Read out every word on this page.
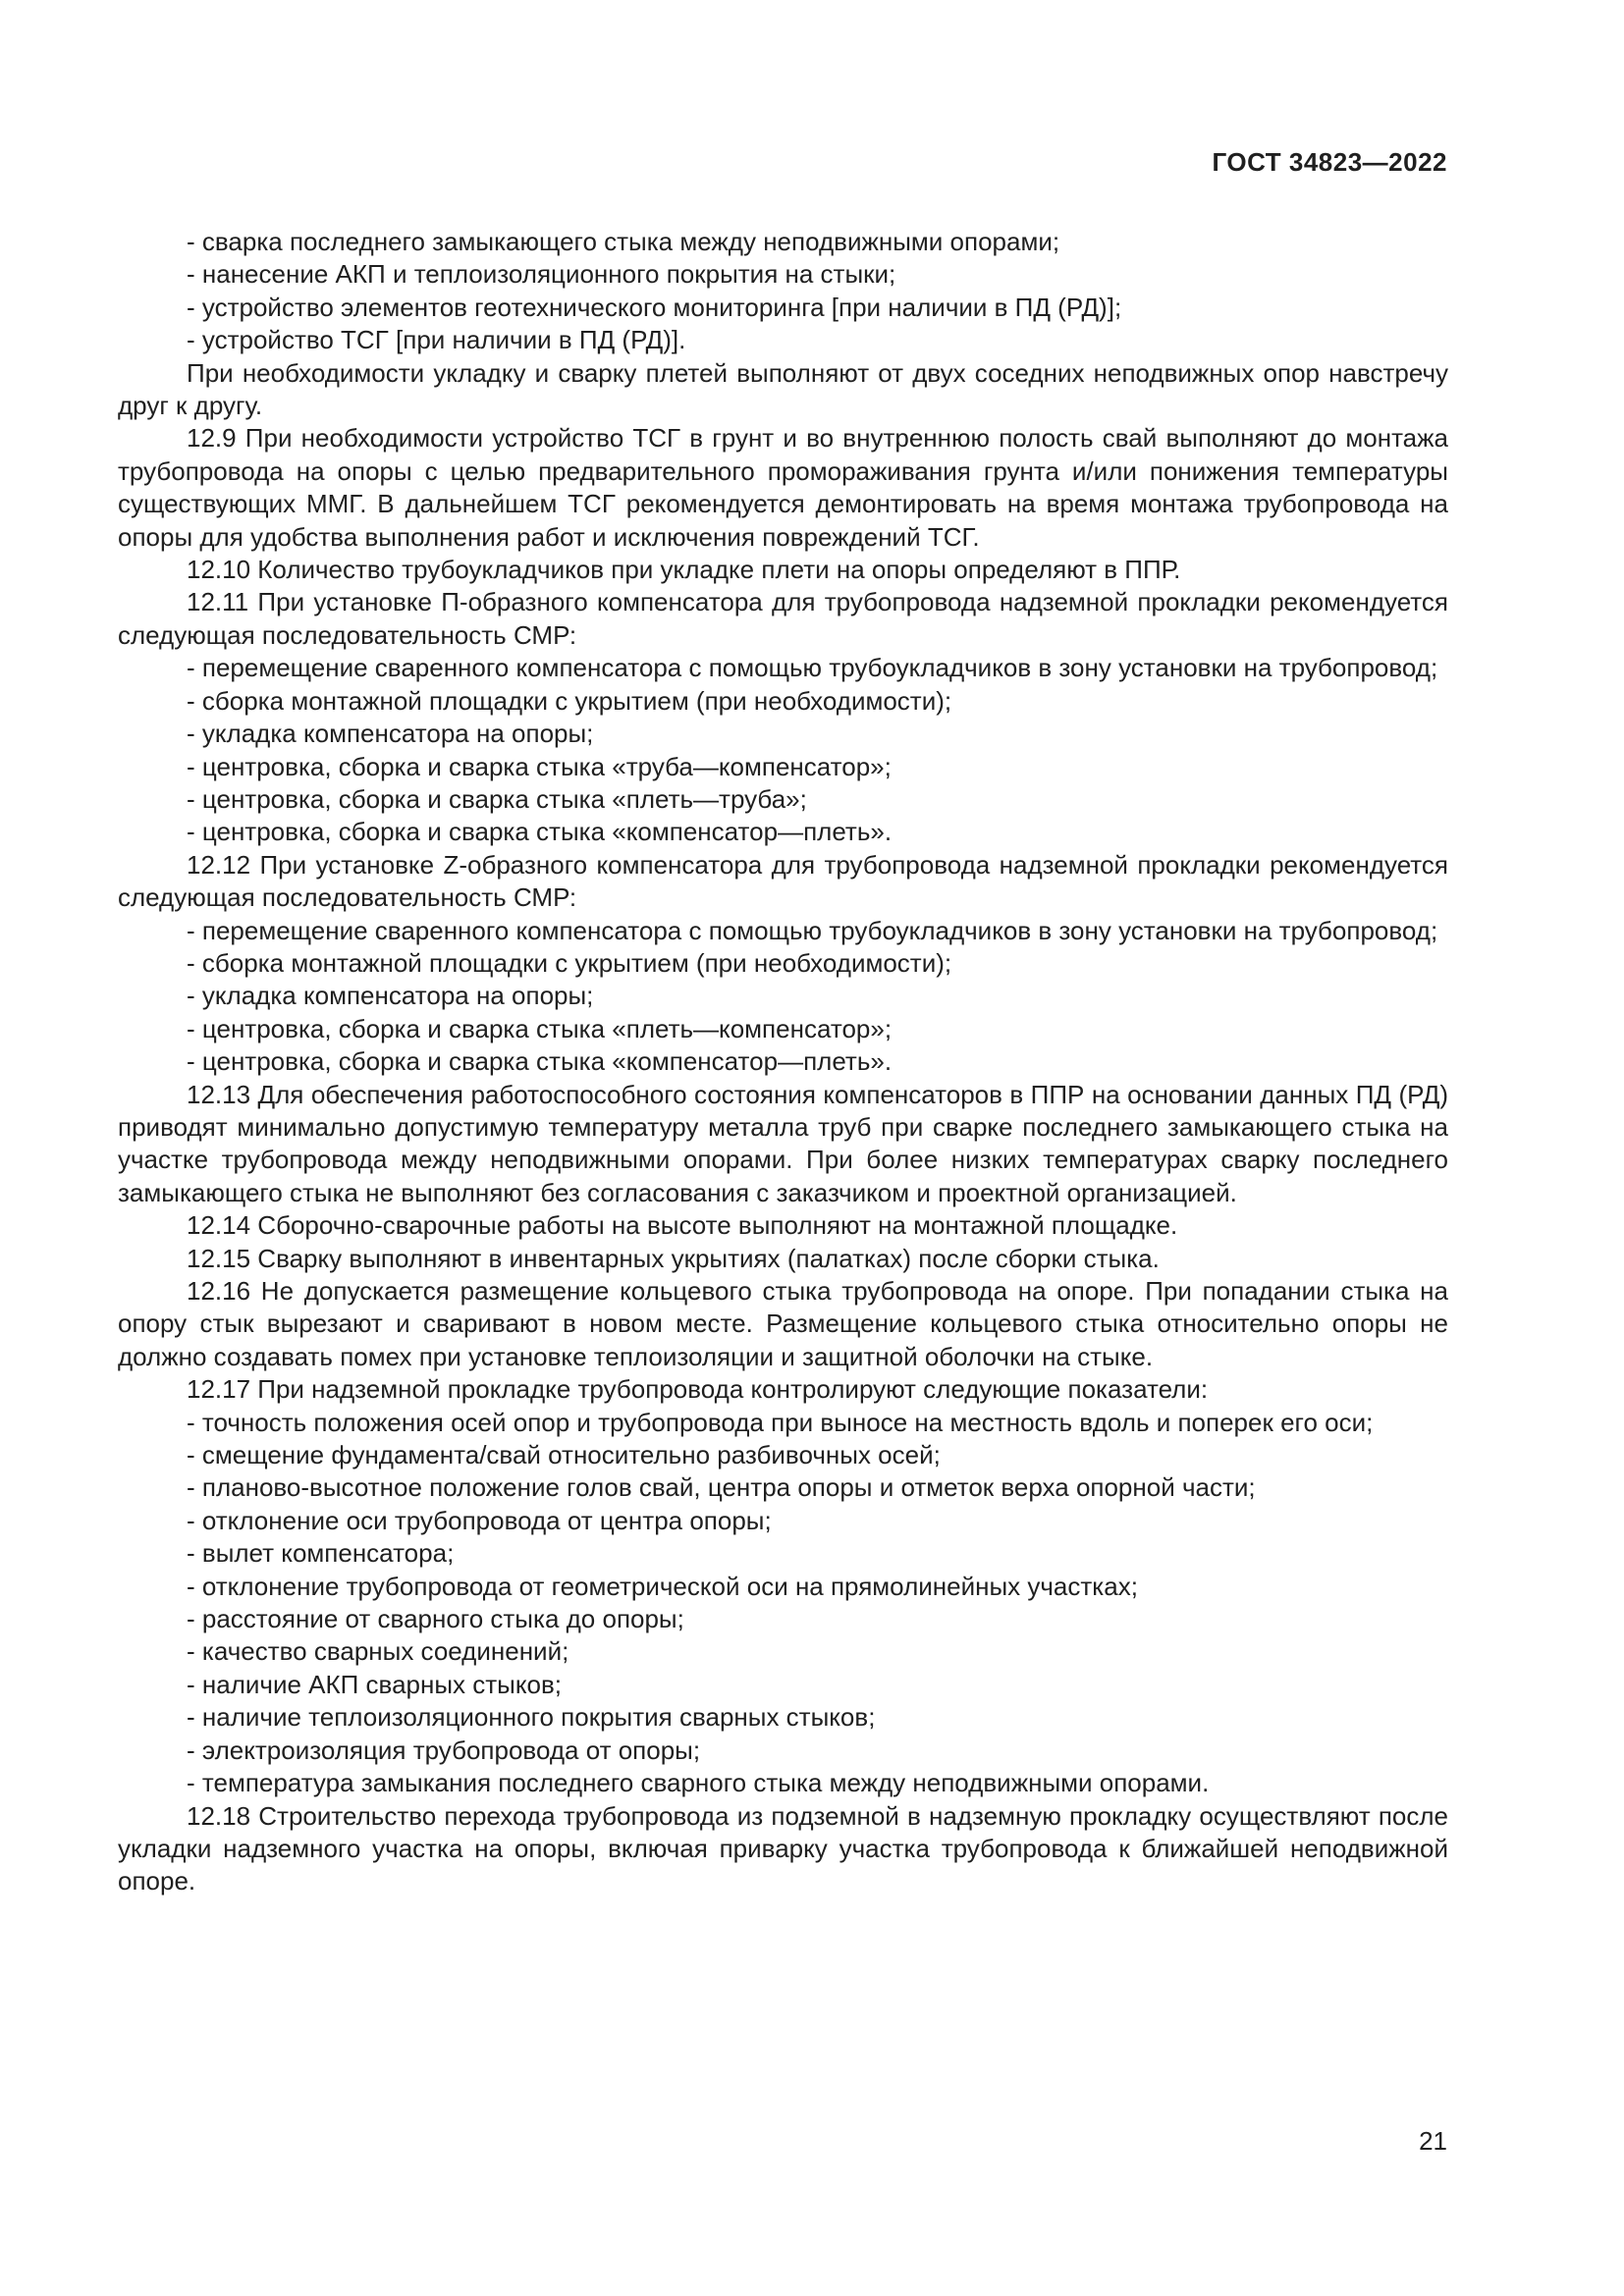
ГОСТ 34823—2022

- сварка последнего замыкающего стыка между неподвижными опорами;

- нанесение АКП и теплоизоляционного покрытия на стыки;

- устройство элементов геотехнического мониторинга [при наличии в ПД (РД)];

- устройство ТСГ [при наличии в ПД (РД)].

При необходимости укладку и сварку плетей выполняют от двух соседних неподвижных опор навстречу друг к другу.

12.9 При необходимости устройство ТСГ в грунт и во внутреннюю полость свай выполняют до монтажа трубопровода на опоры с целью предварительного промораживания грунта и/или понижения температуры существующих ММГ. В дальнейшем ТСГ рекомендуется демонтировать на время монтажа трубопровода на опоры для удобства выполнения работ и исключения повреждений ТСГ.

12.10 Количество трубоукладчиков при укладке плети на опоры определяют в ППР.

12.11 При установке П-образного компенсатора для трубопровода надземной прокладки рекомендуется следующая последовательность СМР:

- перемещение сваренного компенсатора с помощью трубоукладчиков в зону установки на трубопровод;

- сборка монтажной площадки с укрытием (при необходимости);

- укладка компенсатора на опоры;

- центровка, сборка и сварка стыка «труба—компенсатор»;

- центровка, сборка и сварка стыка «плеть—труба»;

- центровка, сборка и сварка стыка «компенсатор—плеть».

12.12 При установке Z-образного компенсатора для трубопровода надземной прокладки рекомендуется следующая последовательность СМР:

- перемещение сваренного компенсатора с помощью трубоукладчиков в зону установки на трубопровод;

- сборка монтажной площадки с укрытием (при необходимости);

- укладка компенсатора на опоры;

- центровка, сборка и сварка стыка «плеть—компенсатор»;

- центровка, сборка и сварка стыка «компенсатор—плеть».

12.13 Для обеспечения работоспособного состояния компенсаторов в ППР на основании данных ПД (РД) приводят минимально допустимую температуру металла труб при сварке последнего замыкающего стыка на участке трубопровода между неподвижными опорами. При более низких температурах сварку последнего замыкающего стыка не выполняют без согласования с заказчиком и проектной организацией.

12.14 Сборочно-сварочные работы на высоте выполняют на монтажной площадке.

12.15 Сварку выполняют в инвентарных укрытиях (палатках) после сборки стыка.

12.16 Не допускается размещение кольцевого стыка трубопровода на опоре. При попадании стыка на опору стык вырезают и сваривают в новом месте. Размещение кольцевого стыка относительно опоры не должно создавать помех при установке теплоизоляции и защитной оболочки на стыке.

12.17 При надземной прокладке трубопровода контролируют следующие показатели:

- точность положения осей опор и трубопровода при выносе на местность вдоль и поперек его оси;

- смещение фундамента/свай относительно разбивочных осей;

- планово-высотное положение голов свай, центра опоры и отметок верха опорной части;

- отклонение оси трубопровода от центра опоры;

- вылет компенсатора;

- отклонение трубопровода от геометрической оси на прямолинейных участках;

- расстояние от сварного стыка до опоры;

- качество сварных соединений;

- наличие АКП сварных стыков;

- наличие теплоизоляционного покрытия сварных стыков;

- электроизоляция трубопровода от опоры;

- температура замыкания последнего сварного стыка между неподвижными опорами.

12.18 Строительство перехода трубопровода из подземной в надземную прокладку осуществляют после укладки надземного участка на опоры, включая приварку участка трубопровода к ближайшей неподвижной опоре.

21
